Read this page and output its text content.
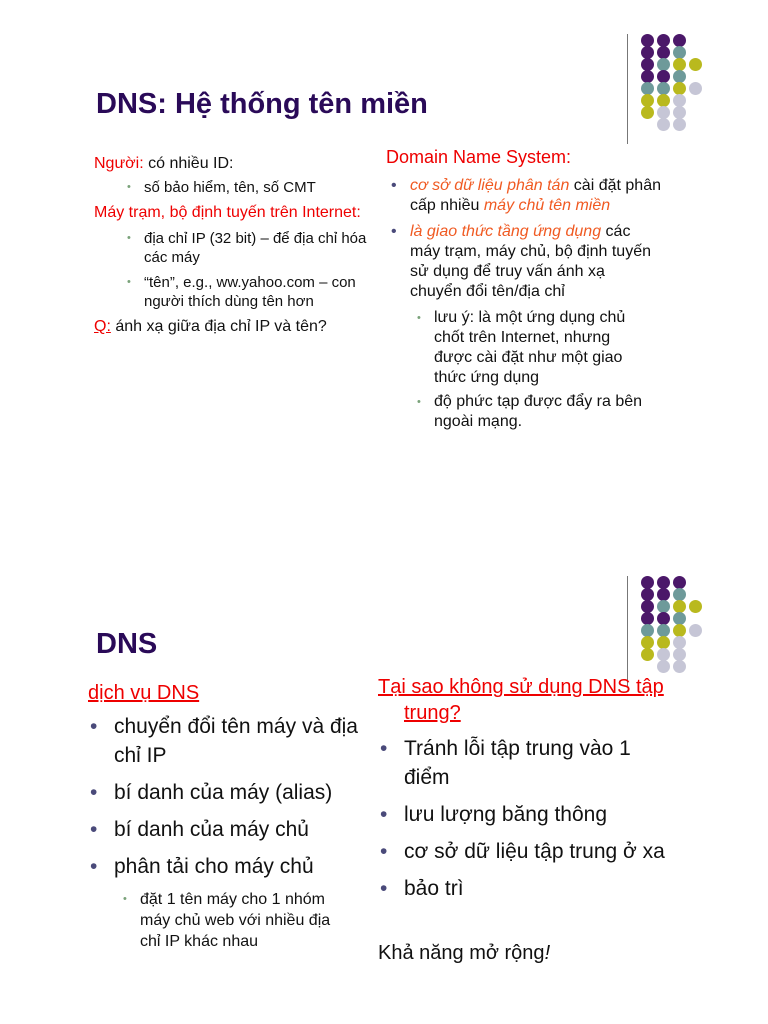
DNS: Hệ thống tên miền

Người: có nhiều ID:

• số bảo hiểm, tên, số CMT

Máy trạm, bộ định tuyến trên Internet:

• địa chỉ IP (32 bit) – để địa chỉ hóa các máy

• “tên”, e.g., ww.yahoo.com – con người thích dùng tên hơn

Q: ánh xạ giữa địa chỉ IP và tên?

Domain Name System:

• cơ sở dữ liệu phân tán cài đặt phân cấp nhiều máy chủ tên miền

• là giao thức tầng ứng dụng các máy trạm, máy chủ, bộ định tuyến sử dụng để truy vấn ánh xạ chuyển đổi tên/địa chỉ

• lưu ý: là một ứng dụng chủ chốt trên Internet, nhưng được cài đặt như một giao thức ứng dụng

• độ phức tạp được đẩy ra bên ngoài mạng.

DNS

dịch vụ DNS

• chuyển đổi tên máy và địa chỉ IP

• bí danh của máy (alias)

• bí danh của máy chủ

• phân tải cho máy chủ

• đặt 1 tên máy cho 1 nhóm máy chủ web với nhiều địa chỉ IP khác nhau

Tại sao không sử dụng DNS tập trung?

• Tránh lỗi tập trung vào 1 điểm

• lưu lượng băng thông

• cơ sở dữ liệu tập trung ở xa

• bảo trì

Khả năng mở rộng!
